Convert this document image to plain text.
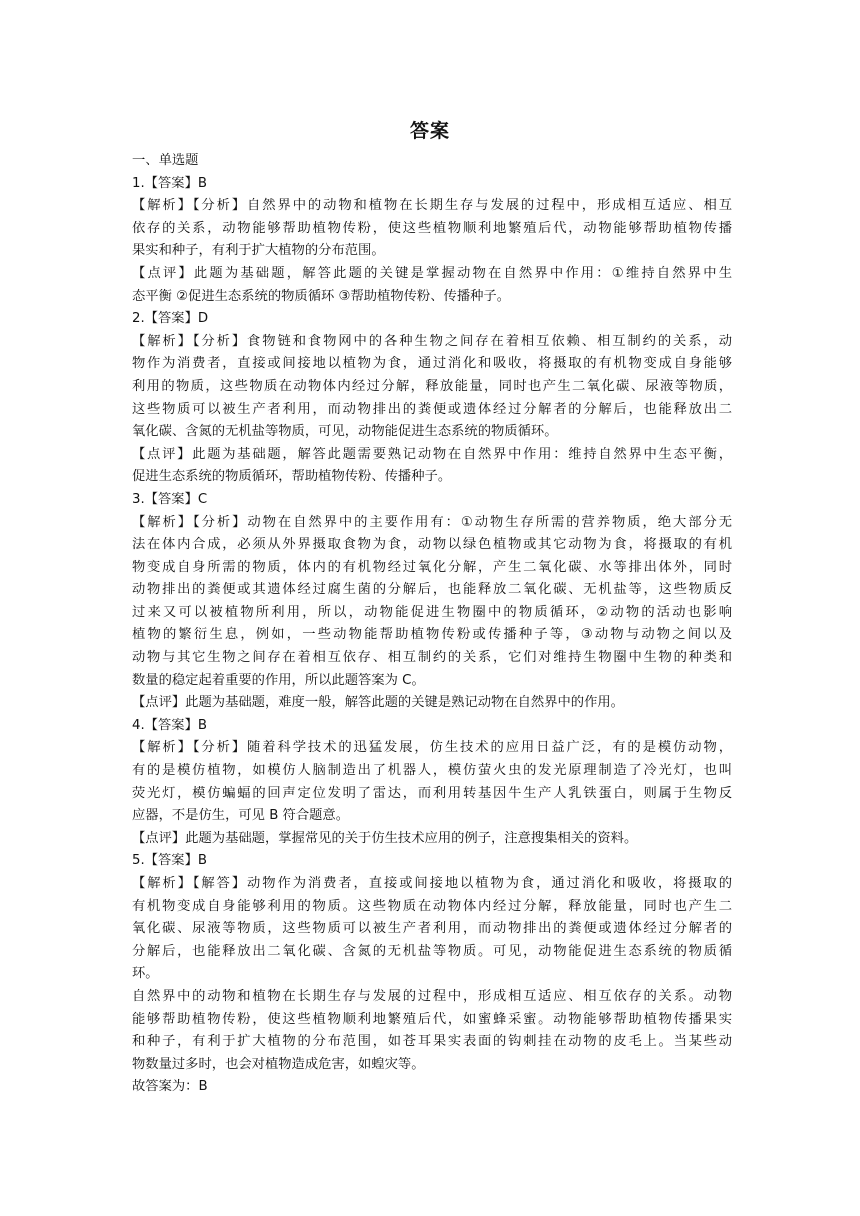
答案
一、单选题
1.【答案】B
【解析】【分析】自然界中的动物和植物在长期生存与发展的过程中，形成相互适应、相互
依存的关系，动物能够帮助植物传粉，使这些植物顺利地繁殖后代，动物能够帮助植物传播
果实和种子，有利于扩大植物的分布范围。
【点评】此题为基础题，解答此题的关键是掌握动物在自然界中作用：①维持自然界中生
态平衡 ②促进生态系统的物质循环 ③帮助植物传粉、传播种子。
2.【答案】D
【解析】【分析】食物链和食物网中的各种生物之间存在着相互依赖、相互制约的关系，动
物作为消费者，直接或间接地以植物为食，通过消化和吸收，将摄取的有机物变成自身能够
利用的物质，这些物质在动物体内经过分解，释放能量，同时也产生二氧化碳、尿液等物质，
这些物质可以被生产者利用，而动物排出的粪便或遗体经过分解者的分解后，也能释放出二
氧化碳、含氮的无机盐等物质，可见，动物能促进生态系统的物质循环。
【点评】此题为基础题，解答此题需要熟记动物在自然界中作用：维持自然界中生态平衡，
促进生态系统的物质循环，帮助植物传粉、传播种子。
3.【答案】C
【解析】【分析】动物在自然界中的主要作用有：①动物生存所需的营养物质，绝大部分无
法在体内合成，必须从外界摄取食物为食，动物以绿色植物或其它动物为食，将摄取的有机
物变成自身所需的物质，体内的有机物经过氧化分解，产生二氧化碳、水等排出体外，同时
动物排出的粪便或其遗体经过腐生菌的分解后，也能释放二氧化碳、无机盐等，这些物质反
过来又可以被植物所利用，所以，动物能促进生物圈中的物质循环，②动物的活动也影响
植物的繁衍生息，例如，一些动物能帮助植物传粉或传播种子等，③动物与动物之间以及
动物与其它生物之间存在着相互依存、相互制约的关系，它们对维持生物圈中生物的种类和
数量的稳定起着重要的作用，所以此题答案为 C。
【点评】此题为基础题，难度一般，解答此题的关键是熟记动物在自然界中的作用。
4.【答案】B
【解析】【分析】随着科学技术的迅猛发展，仿生技术的应用日益广泛，有的是模仿动物，
有的是模仿植物，如模仿人脑制造出了机器人，模仿萤火虫的发光原理制造了冷光灯，也叫
荧光灯，模仿蝙蝠的回声定位发明了雷达，而利用转基因牛生产人乳铁蛋白，则属于生物反
应器，不是仿生，可见 B 符合题意。
【点评】此题为基础题，掌握常见的关于仿生技术应用的例子，注意搜集相关的资料。
5.【答案】B
【解析】【解答】动物作为消费者，直接或间接地以植物为食，通过消化和吸收，将摄取的
有机物变成自身能够利用的物质。这些物质在动物体内经过分解，释放能量，同时也产生二
氧化碳、尿液等物质，这些物质可以被生产者利用，而动物排出的粪便或遗体经过分解者的
分解后，也能释放出二氧化碳、含氮的无机盐等物质。可见，动物能促进生态系统的物质循
环。
自然界中的动物和植物在长期生存与发展的过程中，形成相互适应、相互依存的关系。动物
能够帮助植物传粉，使这些植物顺利地繁殖后代，如蜜蜂采蜜。动物能够帮助植物传播果实
和种子，有利于扩大植物的分布范围，如苍耳果实表面的钩刺挂在动物的皮毛上。当某些动
物数量过多时，也会对植物造成危害，如蝗灾等。
故答案为：B
